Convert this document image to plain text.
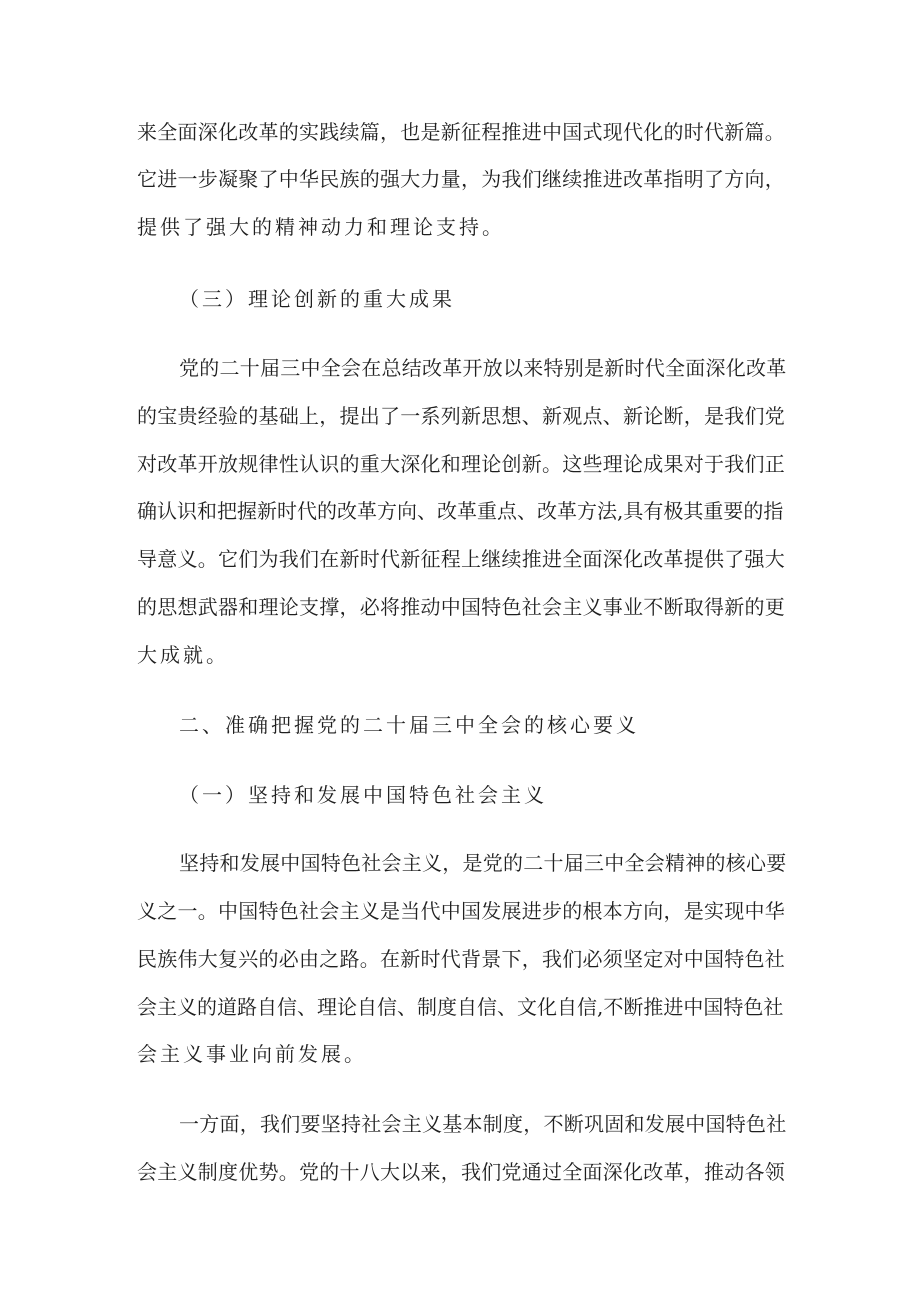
来全面深化改革的实践续篇，也是新征程推进中国式现代化的时代新篇。

它进一步凝聚了中华民族的强大力量，为我们继续推进改革指明了方向，

提供了强大的精神动力和理论支持。

（三）理论创新的重大成果

党的二十届三中全会在总结改革开放以来特别是新时代全面深化改革

的宝贵经验的基础上，提出了一系列新思想、新观点、新论断，是我们党

对改革开放规律性认识的重大深化和理论创新。这些理论成果对于我们正

确认识和把握新时代的改革方向、改革重点、改革方法,具有极其重要的指

导意义。它们为我们在新时代新征程上继续推进全面深化改革提供了强大

的思想武器和理论支撑，必将推动中国特色社会主义事业不断取得新的更

大成就。

二、准确把握党的二十届三中全会的核心要义

（一）坚持和发展中国特色社会主义

坚持和发展中国特色社会主义，是党的二十届三中全会精神的核心要

义之一。中国特色社会主义是当代中国发展进步的根本方向，是实现中华

民族伟大复兴的必由之路。在新时代背景下，我们必须坚定对中国特色社

会主义的道路自信、理论自信、制度自信、文化自信,不断推进中国特色社

会主义事业向前发展。

一方面，我们要坚持社会主义基本制度，不断巩固和发展中国特色社

会主义制度优势。党的十八大以来，我们党通过全面深化改革，推动各领
